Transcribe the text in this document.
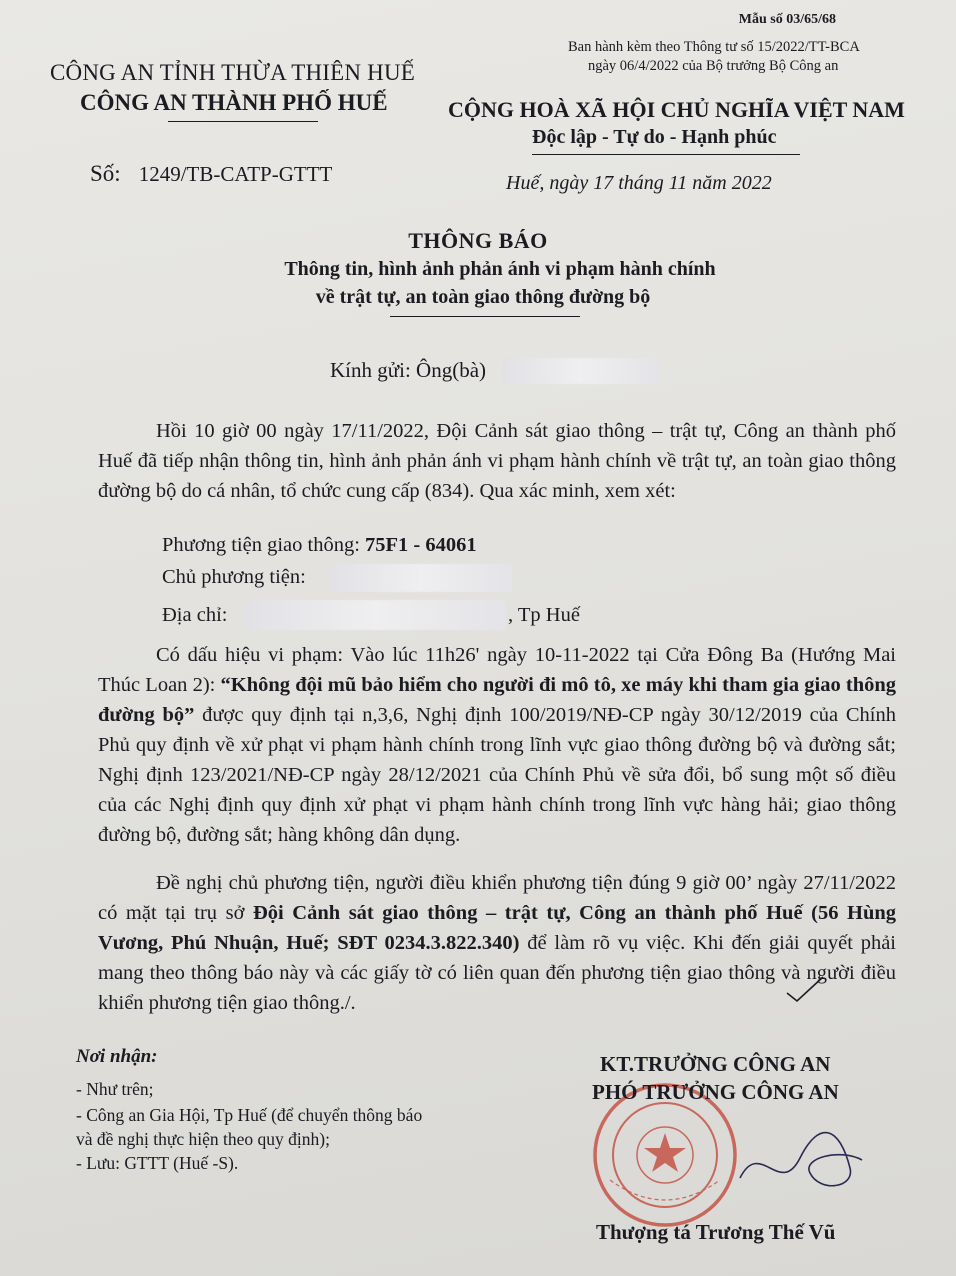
Mẫu số 03/65/68
Ban hành kèm theo Thông tư số 15/2022/TT-BCA
ngày 06/4/2022 của Bộ trưởng Bộ Công an
CÔNG AN TỈNH THỪA THIÊN HUẾ
CÔNG AN THÀNH PHỐ HUẾ	CỘNG HOÀ XÃ HỘI CHỦ NGHĨA VIỆT NAM
Độc lập - Tự do - Hạnh phúc
Số: 1249/TB-CATP-GTTT	Huế, ngày 17 tháng 11 năm 2022
THÔNG BÁO
Thông tin, hình ảnh phản ánh vi phạm hành chính
về trật tự, an toàn giao thông đường bộ
Kính gửi: Ông(bà)
Hồi 10 giờ 00 ngày 17/11/2022, Đội Cảnh sát giao thông – trật tự, Công an thành phố Huế đã tiếp nhận thông tin, hình ảnh phản ánh vi phạm hành chính về trật tự, an toàn giao thông đường bộ do cá nhân, tổ chức cung cấp (834). Qua xác minh, xem xét:
Phương tiện giao thông: 75F1 - 64061
Chủ phương tiện:
Địa chỉ:	, Tp Huế
Có dấu hiệu vi phạm: Vào lúc 11h26' ngày 10-11-2022 tại Cửa Đông Ba (Hướng Mai Thúc Loan 2): “Không đội mũ bảo hiểm cho người đi mô tô, xe máy khi tham gia giao thông đường bộ” được quy định tại n,3,6, Nghị định 100/2019/NĐ-CP ngày 30/12/2019 của Chính Phủ quy định về xử phạt vi phạm hành chính trong lĩnh vực giao thông đường bộ và đường sắt; Nghị định 123/2021/NĐ-CP ngày 28/12/2021 của Chính Phủ về sửa đổi, bổ sung một số điều của các Nghị định quy định xử phạt vi phạm hành chính trong lĩnh vực hàng hải; giao thông đường bộ, đường sắt; hàng không dân dụng.
Đề nghị chủ phương tiện, người điều khiển phương tiện đúng 9 giờ 00’ ngày 27/11/2022 có mặt tại trụ sở Đội Cảnh sát giao thông – trật tự, Công an thành phố Huế (56 Hùng Vương, Phú Nhuận, Huế; SĐT 0234.3.822.340) để làm rõ vụ việc. Khi đến giải quyết phải mang theo thông báo này và các giấy tờ có liên quan đến phương tiện giao thông và người điều khiển phương tiện giao thông./.
Nơi nhận:
- Như trên;
- Công an Gia Hội, Tp Huế (để chuyển thông báo
và đề nghị thực hiện theo quy định);
- Lưu: GTTT (Huế -S).
KT.TRƯỞNG CÔNG AN
PHÓ TRƯỞNG CÔNG AN
Thượng tá Trương Thế Vũ
